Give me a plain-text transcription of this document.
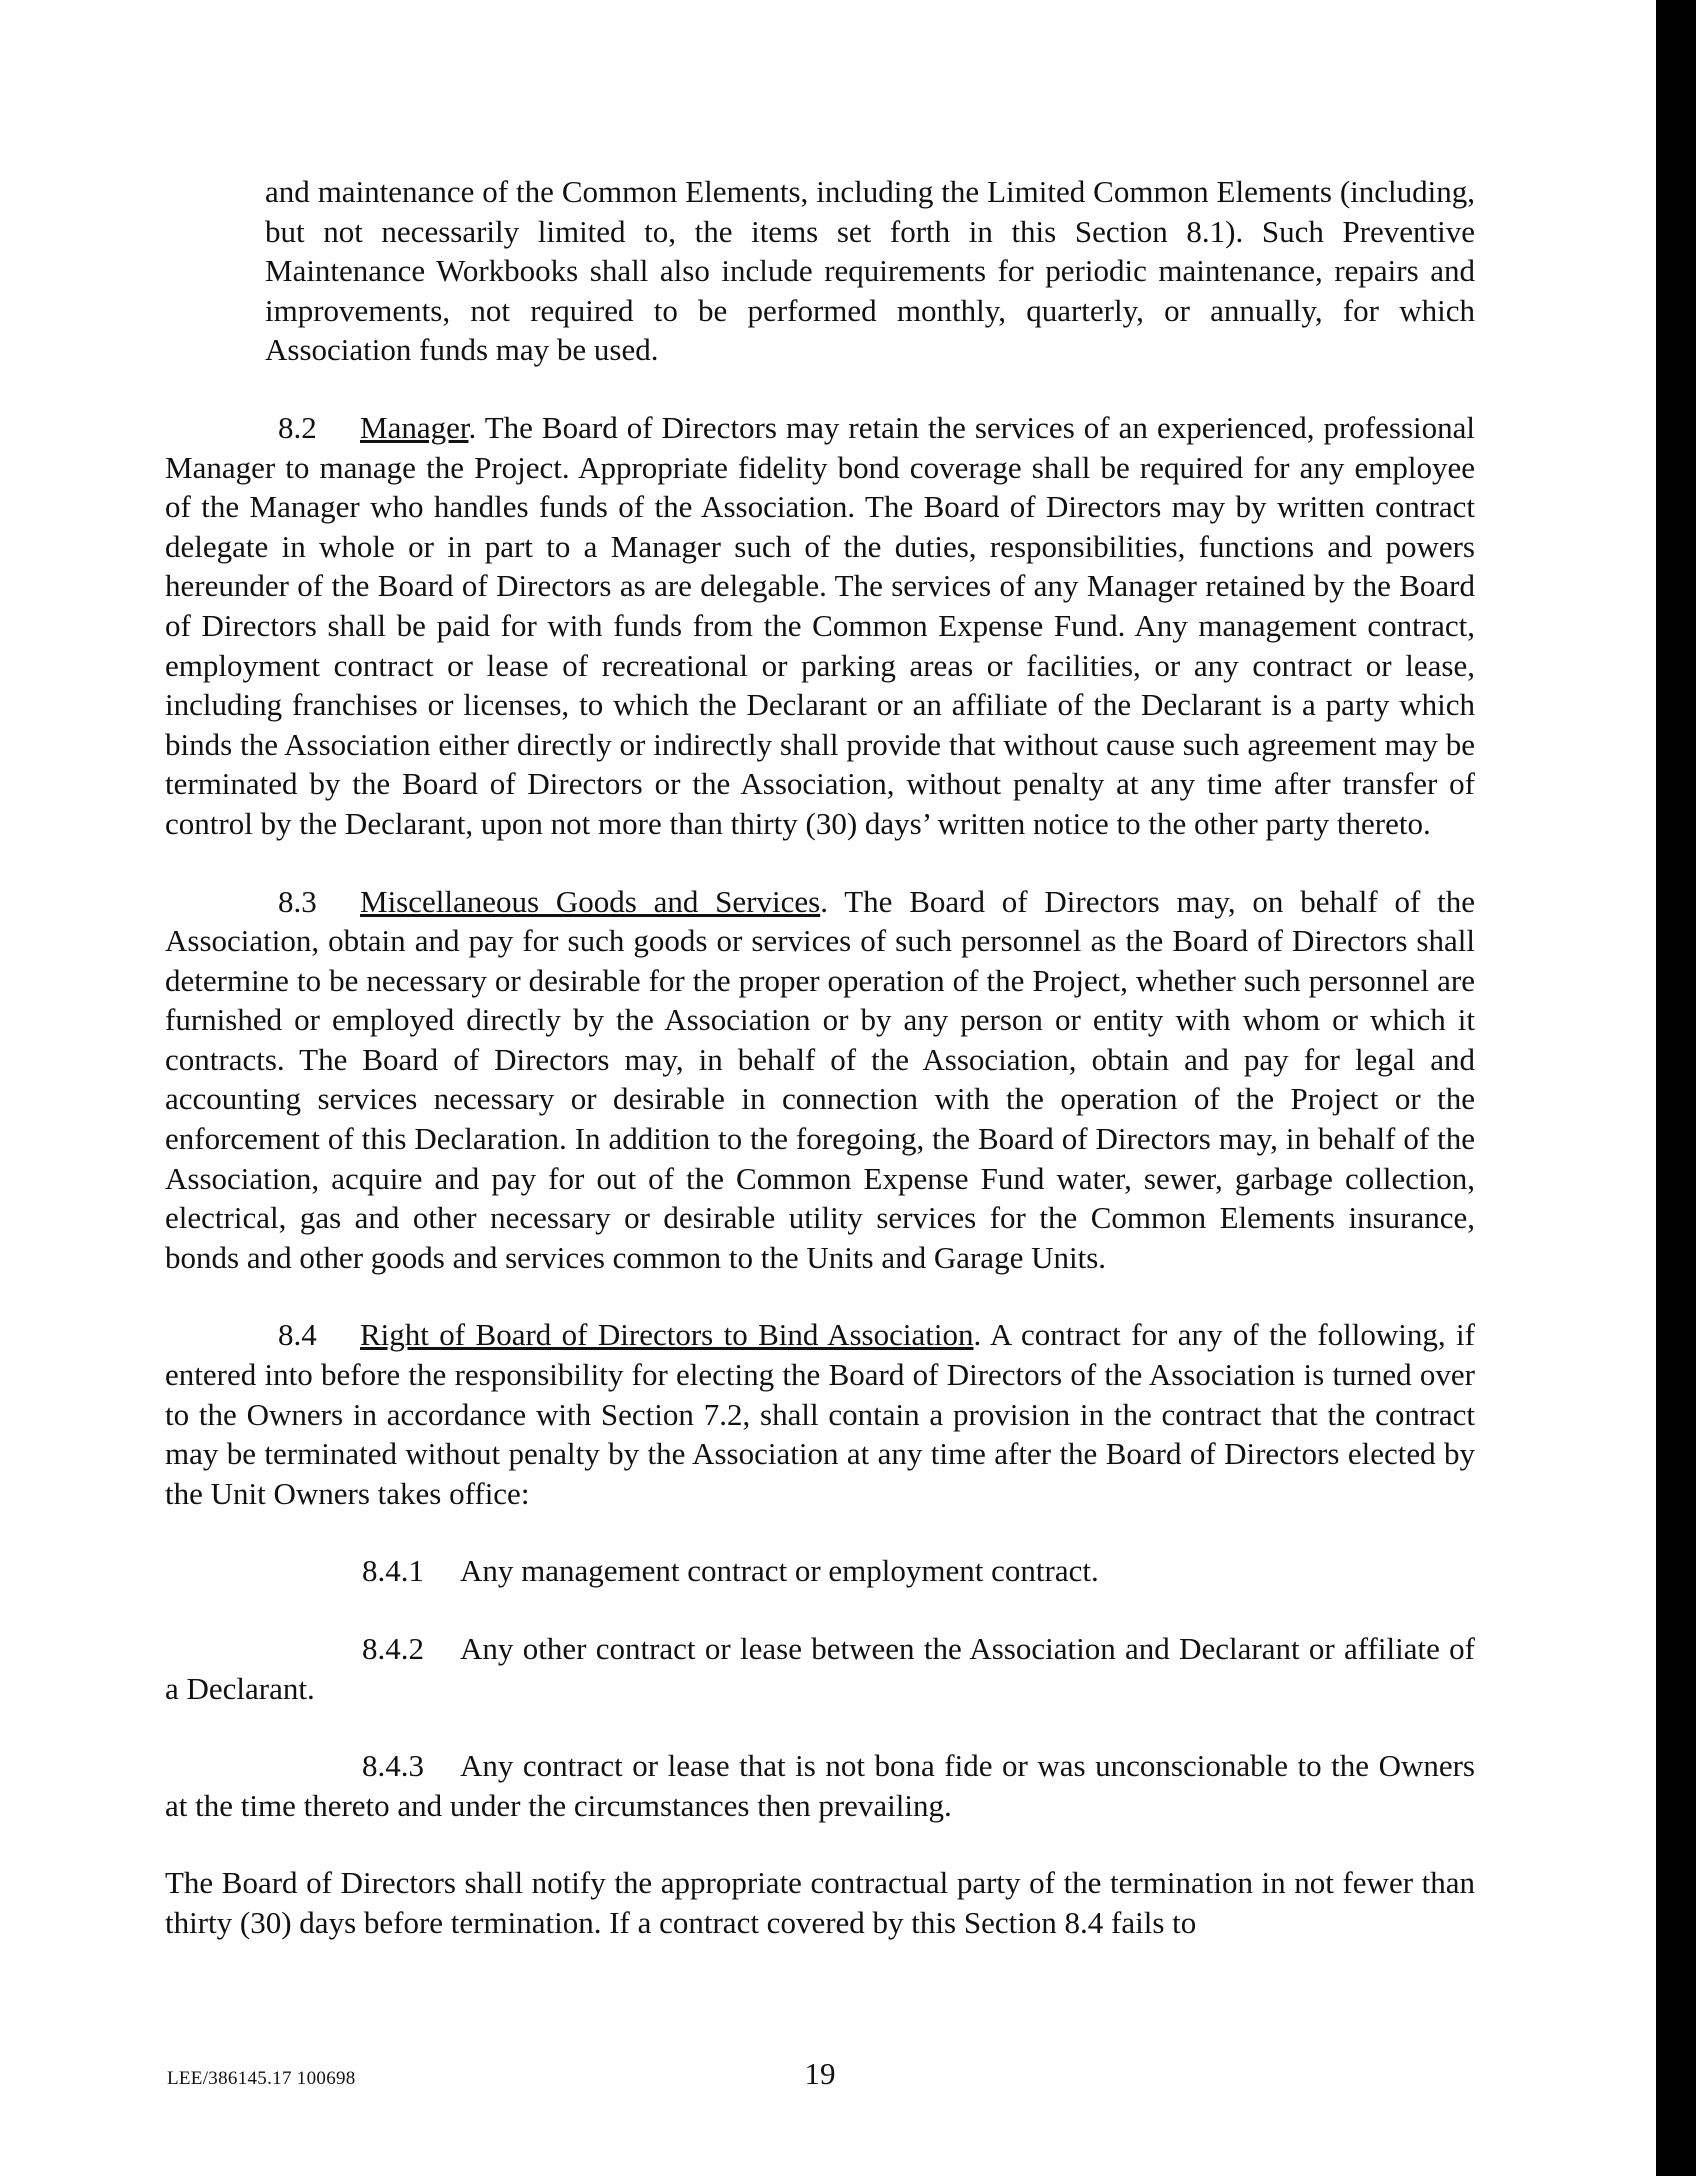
and maintenance of the Common Elements, including the Limited Common Elements (including, but not necessarily limited to, the items set forth in this Section 8.1). Such Preventive Maintenance Workbooks shall also include requirements for periodic maintenance, repairs and improvements, not required to be performed monthly, quarterly, or annually, for which Association funds may be used.

8.2 Manager. The Board of Directors may retain the services of an experienced, professional Manager to manage the Project. Appropriate fidelity bond coverage shall be required for any employee of the Manager who handles funds of the Association. The Board of Directors may by written contract delegate in whole or in part to a Manager such of the duties, responsibilities, functions and powers hereunder of the Board of Directors as are delegable. The services of any Manager retained by the Board of Directors shall be paid for with funds from the Common Expense Fund. Any management contract, employment contract or lease of recreational or parking areas or facilities, or any contract or lease, including franchises or licenses, to which the Declarant or an affiliate of the Declarant is a party which binds the Association either directly or indirectly shall provide that without cause such agreement may be terminated by the Board of Directors or the Association, without penalty at any time after transfer of control by the Declarant, upon not more than thirty (30) days’ written notice to the other party thereto.

8.3 Miscellaneous Goods and Services. The Board of Directors may, on behalf of the Association, obtain and pay for such goods or services of such personnel as the Board of Directors shall determine to be necessary or desirable for the proper operation of the Project, whether such personnel are furnished or employed directly by the Association or by any person or entity with whom or which it contracts. The Board of Directors may, in behalf of the Association, obtain and pay for legal and accounting services necessary or desirable in connection with the operation of the Project or the enforcement of this Declaration. In addition to the foregoing, the Board of Directors may, in behalf of the Association, acquire and pay for out of the Common Expense Fund water, sewer, garbage collection, electrical, gas and other necessary or desirable utility services for the Common Elements insurance, bonds and other goods and services common to the Units and Garage Units.

8.4 Right of Board of Directors to Bind Association. A contract for any of the following, if entered into before the responsibility for electing the Board of Directors of the Association is turned over to the Owners in accordance with Section 7.2, shall contain a provision in the contract that the contract may be terminated without penalty by the Association at any time after the Board of Directors elected by the Unit Owners takes office:

8.4.1 Any management contract or employment contract.

8.4.2 Any other contract or lease between the Association and Declarant or affiliate of a Declarant.

8.4.3 Any contract or lease that is not bona fide or was unconscionable to the Owners at the time thereto and under the circumstances then prevailing.

The Board of Directors shall notify the appropriate contractual party of the termination in not fewer than thirty (30) days before termination. If a contract covered by this Section 8.4 fails to

LEE/386145.17 100698	19
